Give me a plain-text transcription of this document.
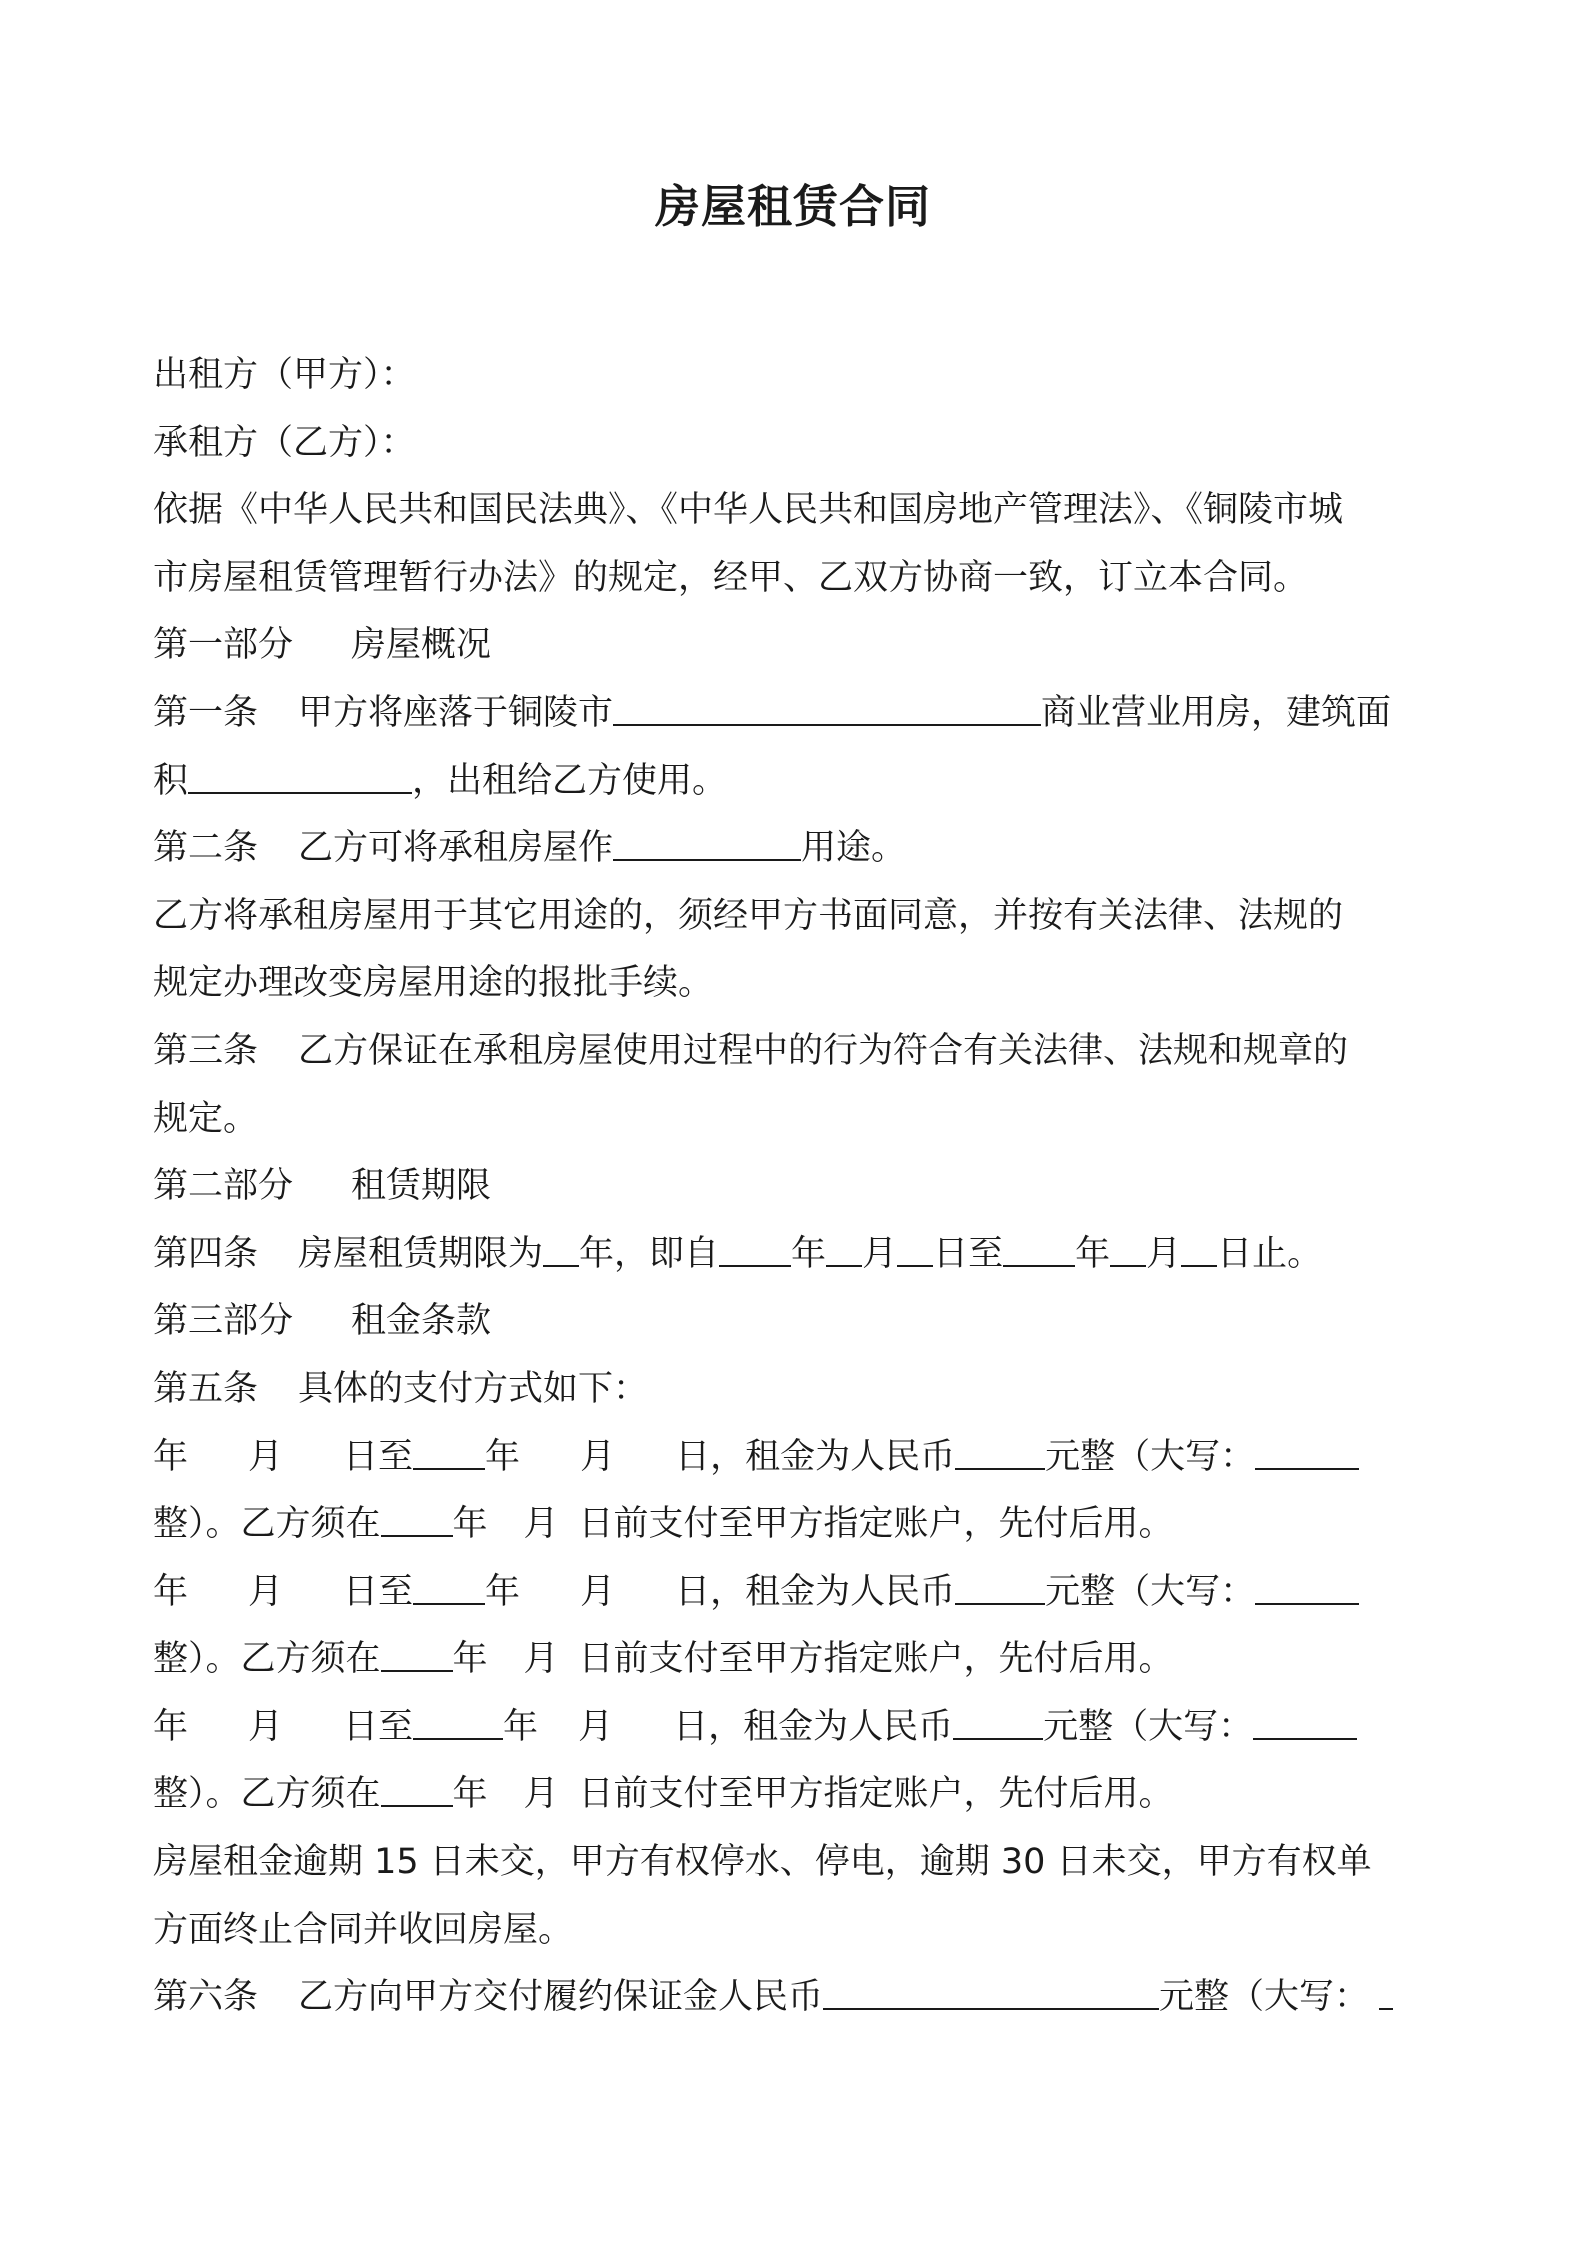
房屋租赁合同
出租方（甲方）：
承租方（乙方）：
依据《中华人民共和国民法典》、《中华人民共和国房地产管理法》、《铜陵市城
市房屋租赁管理暂行办法》的规定，经甲、乙双方协商一致，订立本合同。
第一部分 房屋概况
第一条 甲方将座落于铜陵市	商业营业用房，建筑面
积	，出租给乙方使用。
第二条 乙方可将承租房屋作	用途。
乙方将承租房屋用于其它用途的，须经甲方书面同意，并按有关法律、法规的
规定办理改变房屋用途的报批手续。
第三条 乙方保证在承租房屋使用过程中的行为符合有关法律、法规和规章的
规定。
第二部分 租赁期限
第四条 房屋租赁期限为 年，即自 年 月 日至 年 月 日止。
第三部分 租金条款
第五条 具体的支付方式如下：
年 月 日至 年 月 日，租金为人民币	元整（大写：
整）。乙方须在 年 月 日前支付至甲方指定账户，先付后用。
年 月 日至 年 月 日，租金为人民币	元整（大写：
整）。乙方须在 年 月 日前支付至甲方指定账户，先付后用。
年 月 日至	年 月 日，租金为人民币	元整（大写：
整）。乙方须在 年 月 日前支付至甲方指定账户，先付后用。
房屋租金逾期 15 日未交，甲方有权停水、停电，逾期 30 日未交，甲方有权单
方面终止合同并收回房屋。
第六条 乙方向甲方交付履约保证金人民币	元整（大写：
